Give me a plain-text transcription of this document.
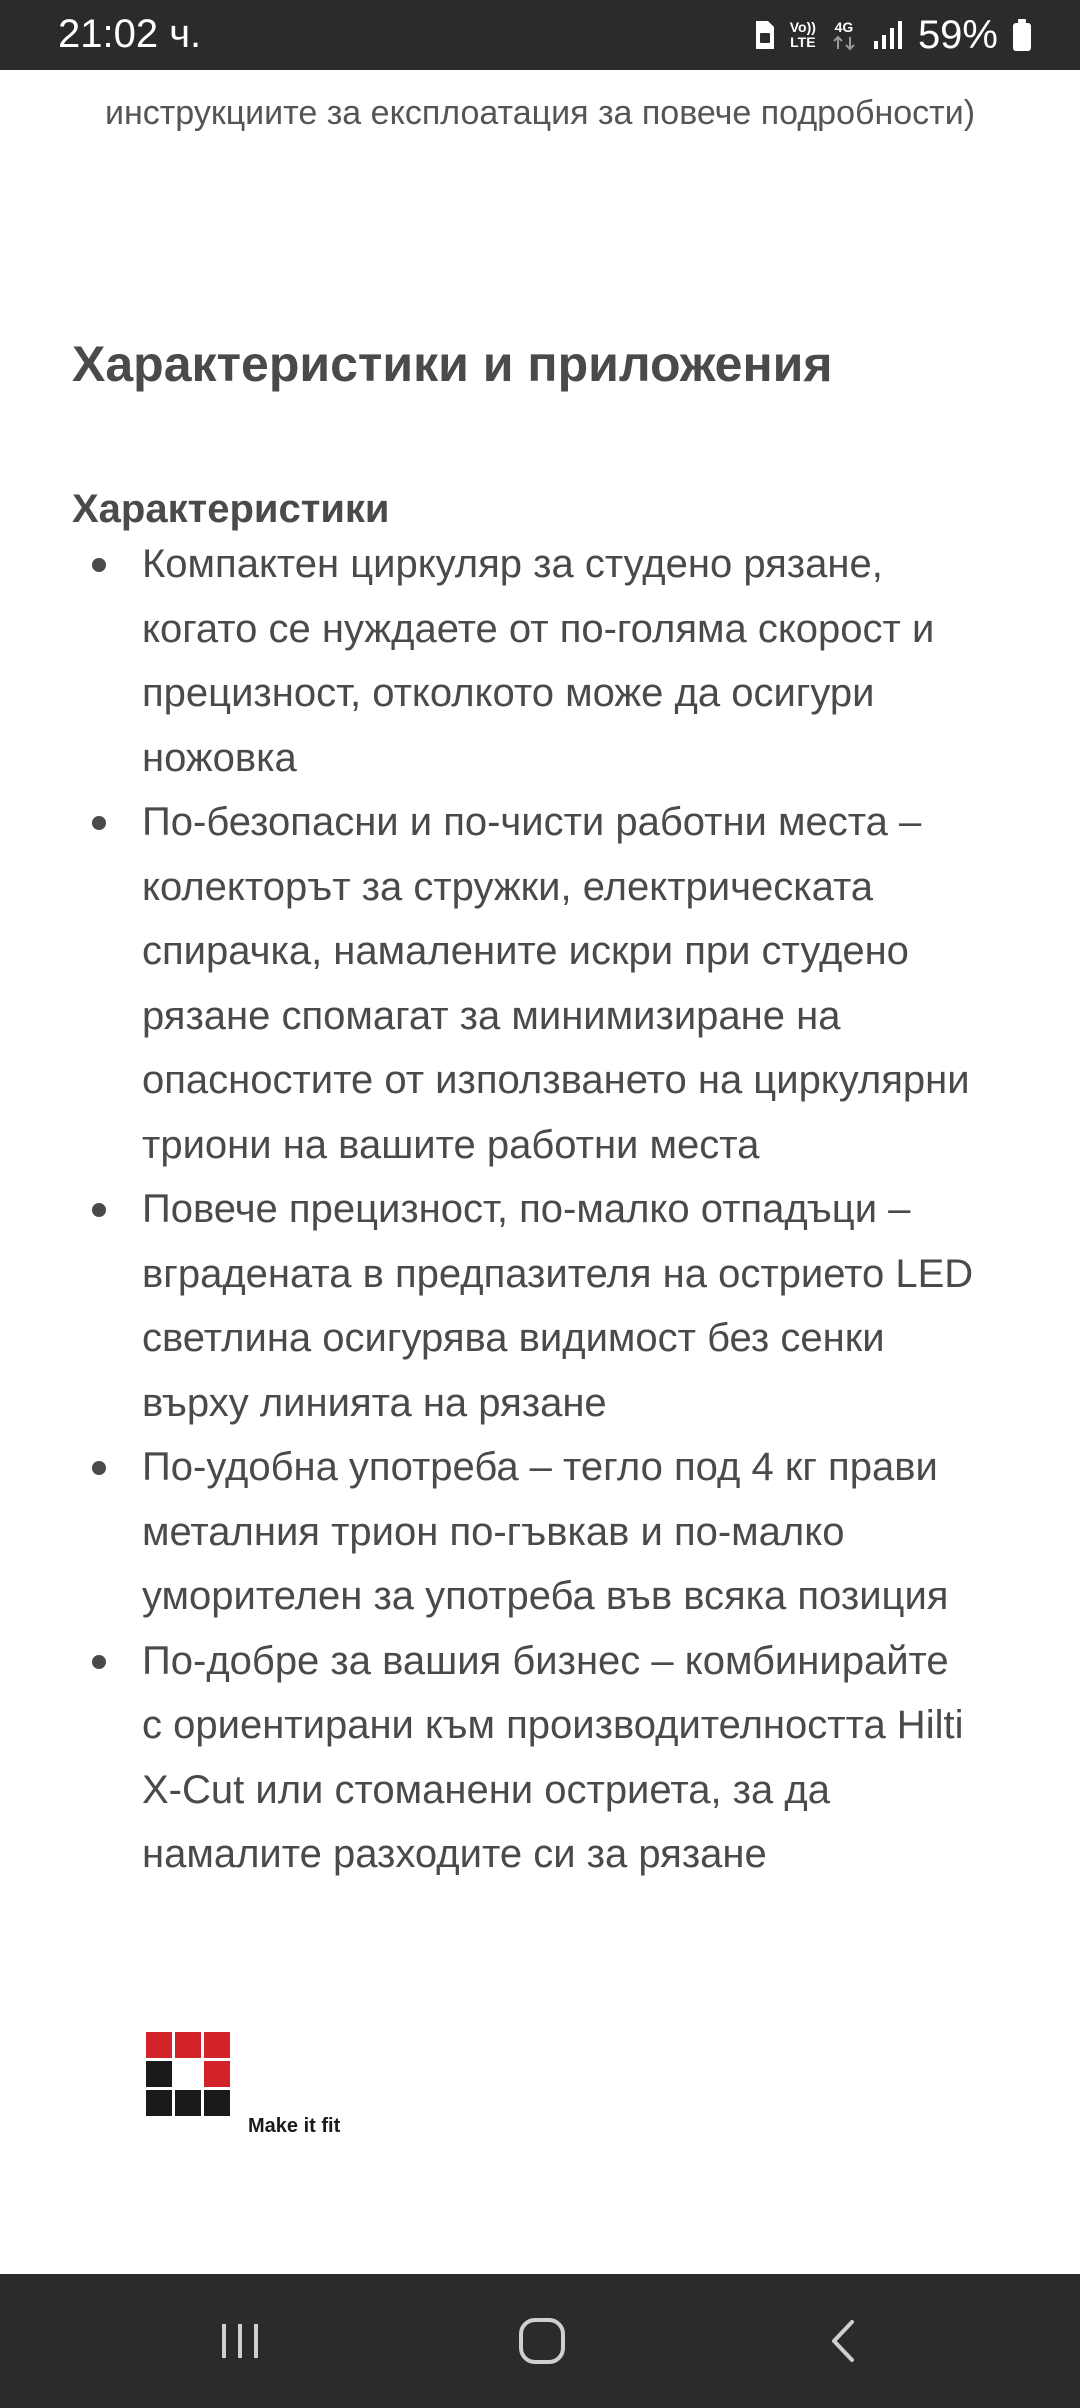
21:02 ч.	Vo))
LTE
4G 59%
инструкциите за експлоатация за повече подробности)
Характеристики и приложения
Характеристики
Компактен циркуляр за студено рязане,
когато се нуждаете от по-голяма скорост и
прецизност, отколкото може да осигури
ножовка
По-безопасни и по-чисти работни места –
колекторът за стружки, електрическата
спирачка, намалените искри при студено
рязане спомагат за минимизиране на
опасностите от използването на циркулярни
триони на вашите работни места
Повече прецизност, по-малко отпадъци –
вградената в предпазителя на острието LED
светлина осигурява видимост без сенки
върху линията на рязане
По-удобна употреба – тегло под 4 кг прави
металния трион по-гъвкав и по-малко
уморителен за употреба във всяка позиция
По-добре за вашия бизнес – комбинирайте
с ориентирани към производителността Hilti
X-Cut или стоманени остриета, за да
намалите разходите си за рязане
Make it fit
